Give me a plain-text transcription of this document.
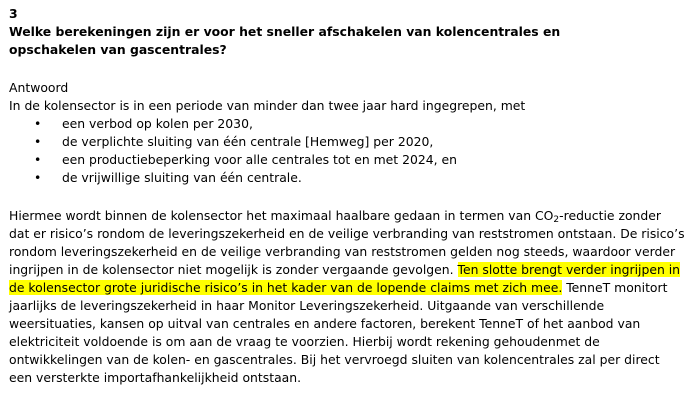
3

Welke berekeningen zijn er voor het sneller afschakelen van kolencentrales en opschakelen van gascentrales?

Antwoord

In de kolensector is in een periode van minder dan twee jaar hard ingegrepen, met

• een verbod op kolen per 2030,
• de verplichte sluiting van één centrale [Hemweg] per 2020,
• een productiebeperking voor alle centrales tot en met 2024, en
• de vrijwillige sluiting van één centrale.

Hiermee wordt binnen de kolensector het maximaal haalbare gedaan in termen van $CO_2$-reductie zonder dat er risico’s rondom de leveringszekerheid en de veilige verbranding van reststromen ontstaan. De risico’s rondom leveringszekerheid en de veilige verbranding van reststromen gelden nog steeds, waardoor verder ingrijpen in de kolensector niet mogelijk is zonder vergaande gevolgen. Ten slotte brengt verder ingrijpen in de kolensector grote juridische risico’s in het kader van de lopende claims met zich mee. TenneT monitort jaarlijks de leveringszekerheid in haar Monitor Leveringszekerheid. Uitgaande van verschillende weersituaties, kansen op uitval van centrales en andere factoren, berekent TenneT of het aanbod van elektriciteit voldoende is om aan de vraag te voorzien. Hierbij wordt rekening gehoudenmet de ontwikkelingen van de kolen- en gascentrales. Bij het vervroegd sluiten van kolencentrales zal per direct een versterkte importafhankelijkheid ontstaan.
